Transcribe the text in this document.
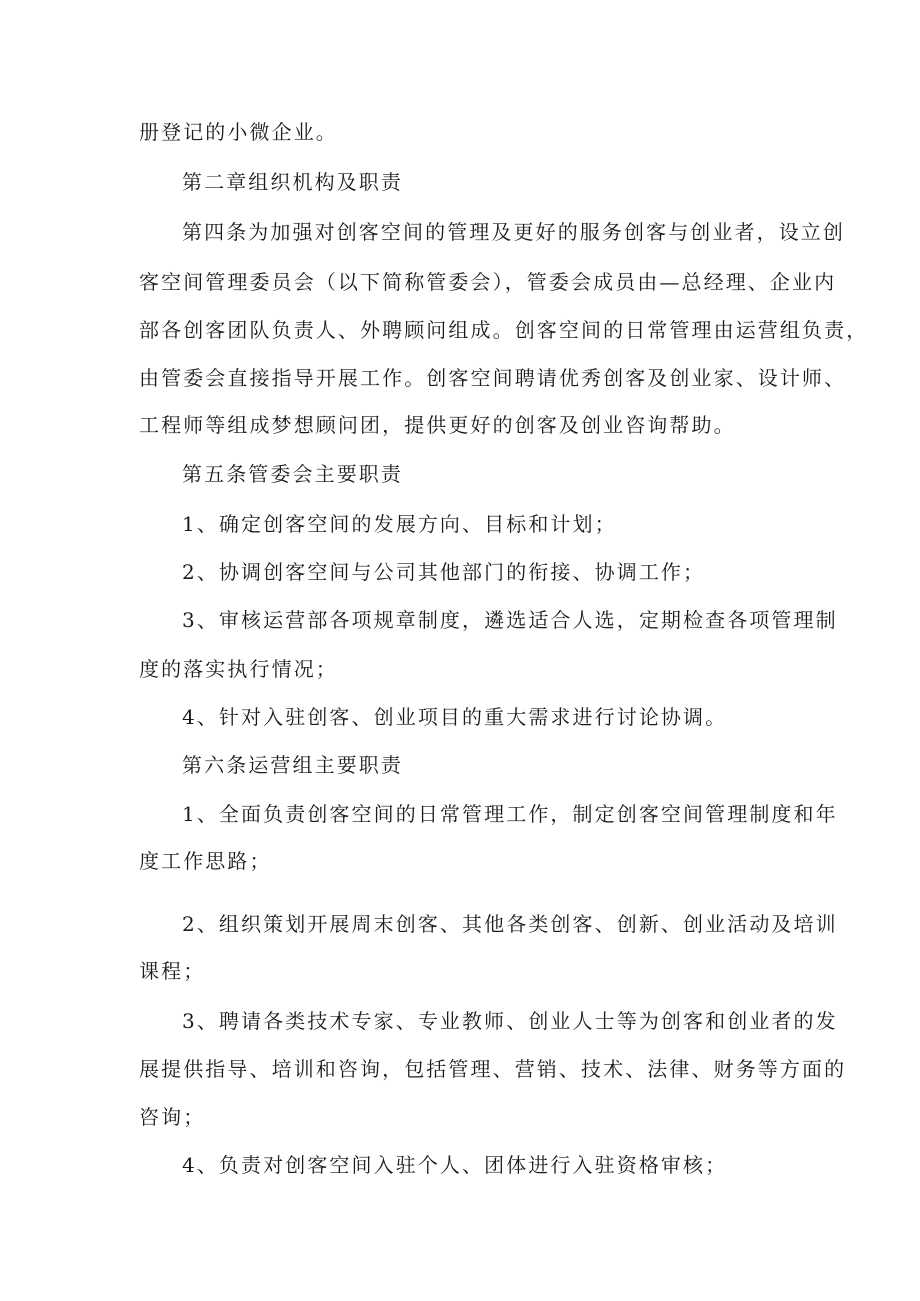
册登记的小微企业。
第二章组织机构及职责
第四条为加强对创客空间的管理及更好的服务创客与创业者，设立创
客空间管理委员会（以下简称管委会），管委会成员由—总经理、企业内
部各创客团队负责人、外聘顾问组成。创客空间的日常管理由运营组负责，
由管委会直接指导开展工作。创客空间聘请优秀创客及创业家、设计师、
工程师等组成梦想顾问团，提供更好的创客及创业咨询帮助。
第五条管委会主要职责
1、确定创客空间的发展方向、目标和计划；
2、协调创客空间与公司其他部门的衔接、协调工作；
3、审核运营部各项规章制度，遴选适合人选，定期检查各项管理制
度的落实执行情况；
4、针对入驻创客、创业项目的重大需求进行讨论协调。
第六条运营组主要职责
1、全面负责创客空间的日常管理工作，制定创客空间管理制度和年
度工作思路；
2、组织策划开展周末创客、其他各类创客、创新、创业活动及培训
课程；
3、聘请各类技术专家、专业教师、创业人士等为创客和创业者的发
展提供指导、培训和咨询，包括管理、营销、技术、法律、财务等方面的
咨询；
4、负责对创客空间入驻个人、团体进行入驻资格审核；
